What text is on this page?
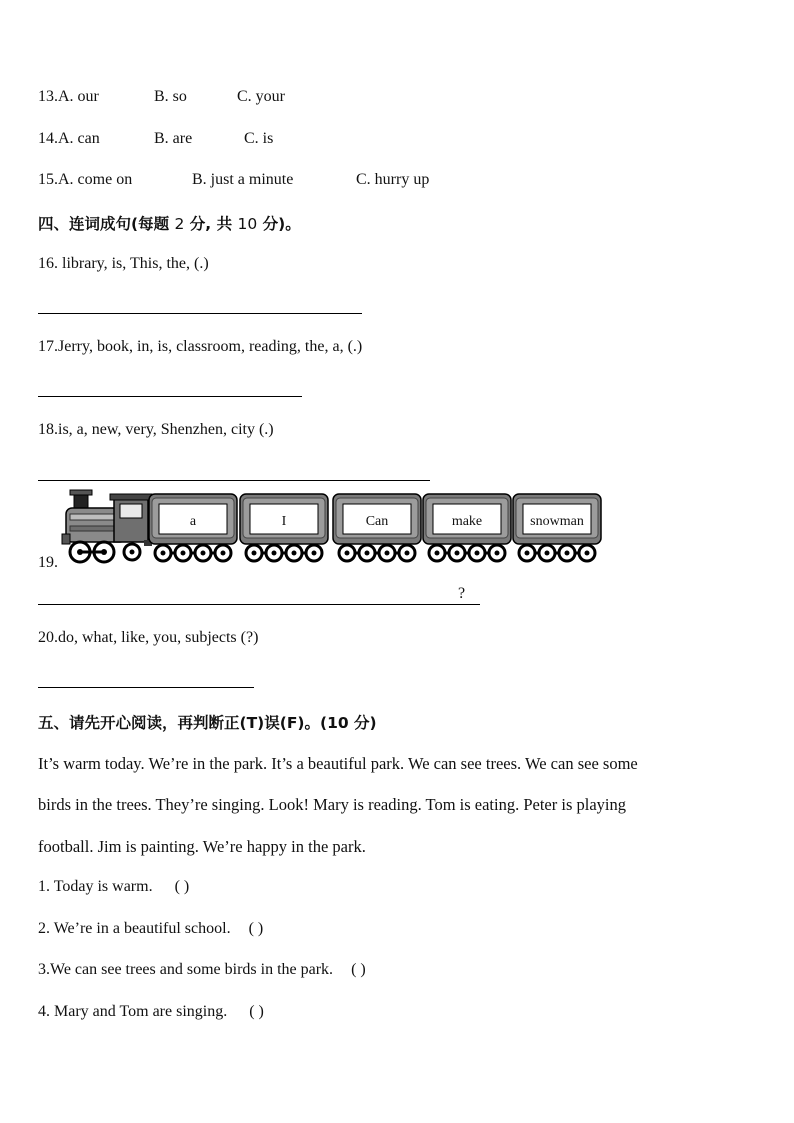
13.A. our	B. so	C. your
14.A. can	B. are	C. is
15.A. come on	B. just a minute	C. hurry up
四、连词成句(每题 2 分, 共 10 分)。
16. library, is, This, the, (.)
17.Jerry, book, in, is, classroom, reading, the, a, (.)
18.is, a, new, very, Shenzhen, city (.)
19.
a	I	Can	make	snowman
?
20.do, what, like, you, subjects (?)
五、请先开心阅读，再判断正(T)误(F)。(10 分)
It’s warm today. We’re in the park. It’s a beautiful park. We can see trees. We can see some
birds in the trees. They’re singing. Look! Mary is reading. Tom is eating. Peter is playing
football. Jim is painting. We’re happy in the park.
1. Today is warm. ( )
2. We’re in a beautiful school. ( )
3.We can see trees and some birds in the park. ( )
4. Mary and Tom are singing. ( )
